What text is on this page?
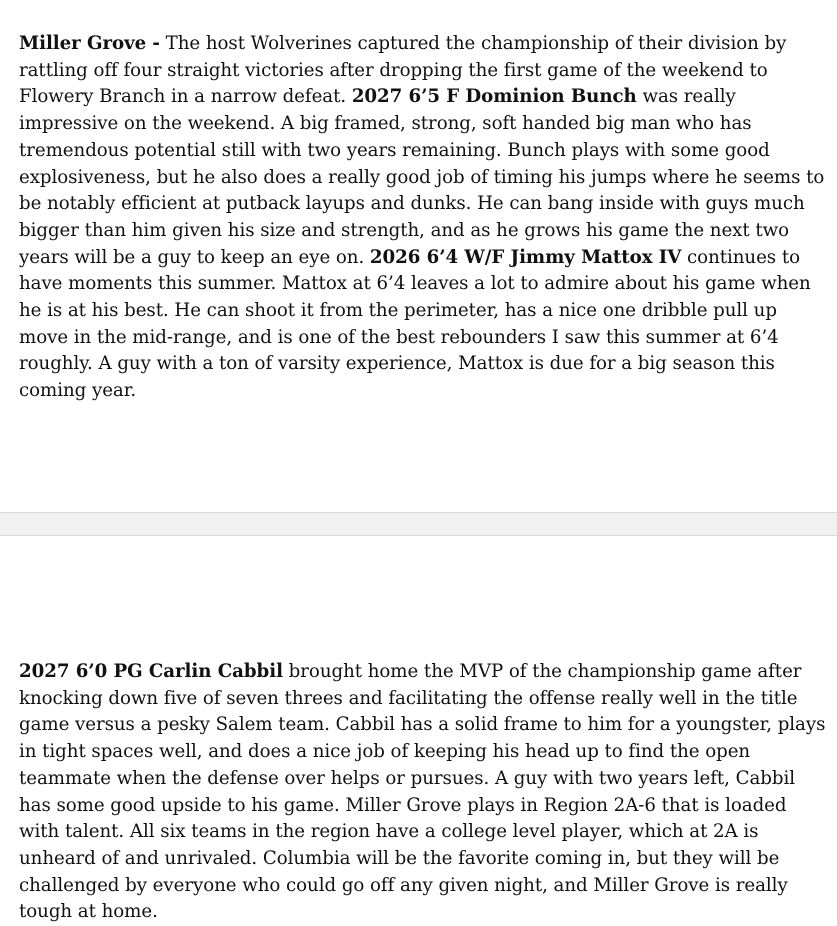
Miller Grove - The host Wolverines captured the championship of their division by rattling off four straight victories after dropping the first game of the weekend to Flowery Branch in a narrow defeat. 2027 6’5 F Dominion Bunch was really impressive on the weekend. A big framed, strong, soft handed big man who has tremendous potential still with two years remaining. Bunch plays with some good explosiveness, but he also does a really good job of timing his jumps where he seems to be notably efficient at putback layups and dunks. He can bang inside with guys much bigger than him given his size and strength, and as he grows his game the next two years will be a guy to keep an eye on. 2026 6’4 W/F Jimmy Mattox IV continues to have moments this summer. Mattox at 6’4 leaves a lot to admire about his game when he is at his best. He can shoot it from the perimeter, has a nice one dribble pull up move in the mid-range, and is one of the best rebounders I saw this summer at 6’4 roughly. A guy with a ton of varsity experience, Mattox is due for a big season this coming year.

2027 6’0 PG Carlin Cabbil brought home the MVP of the championship game after knocking down five of seven threes and facilitating the offense really well in the title game versus a pesky Salem team. Cabbil has a solid frame to him for a youngster, plays in tight spaces well, and does a nice job of keeping his head up to find the open teammate when the defense over helps or pursues. A guy with two years left, Cabbil has some good upside to his game. Miller Grove plays in Region 2A-6 that is loaded with talent. All six teams in the region have a college level player, which at 2A is unheard of and unrivaled. Columbia will be the favorite coming in, but they will be challenged by everyone who could go off any given night, and Miller Grove is really tough at home.
